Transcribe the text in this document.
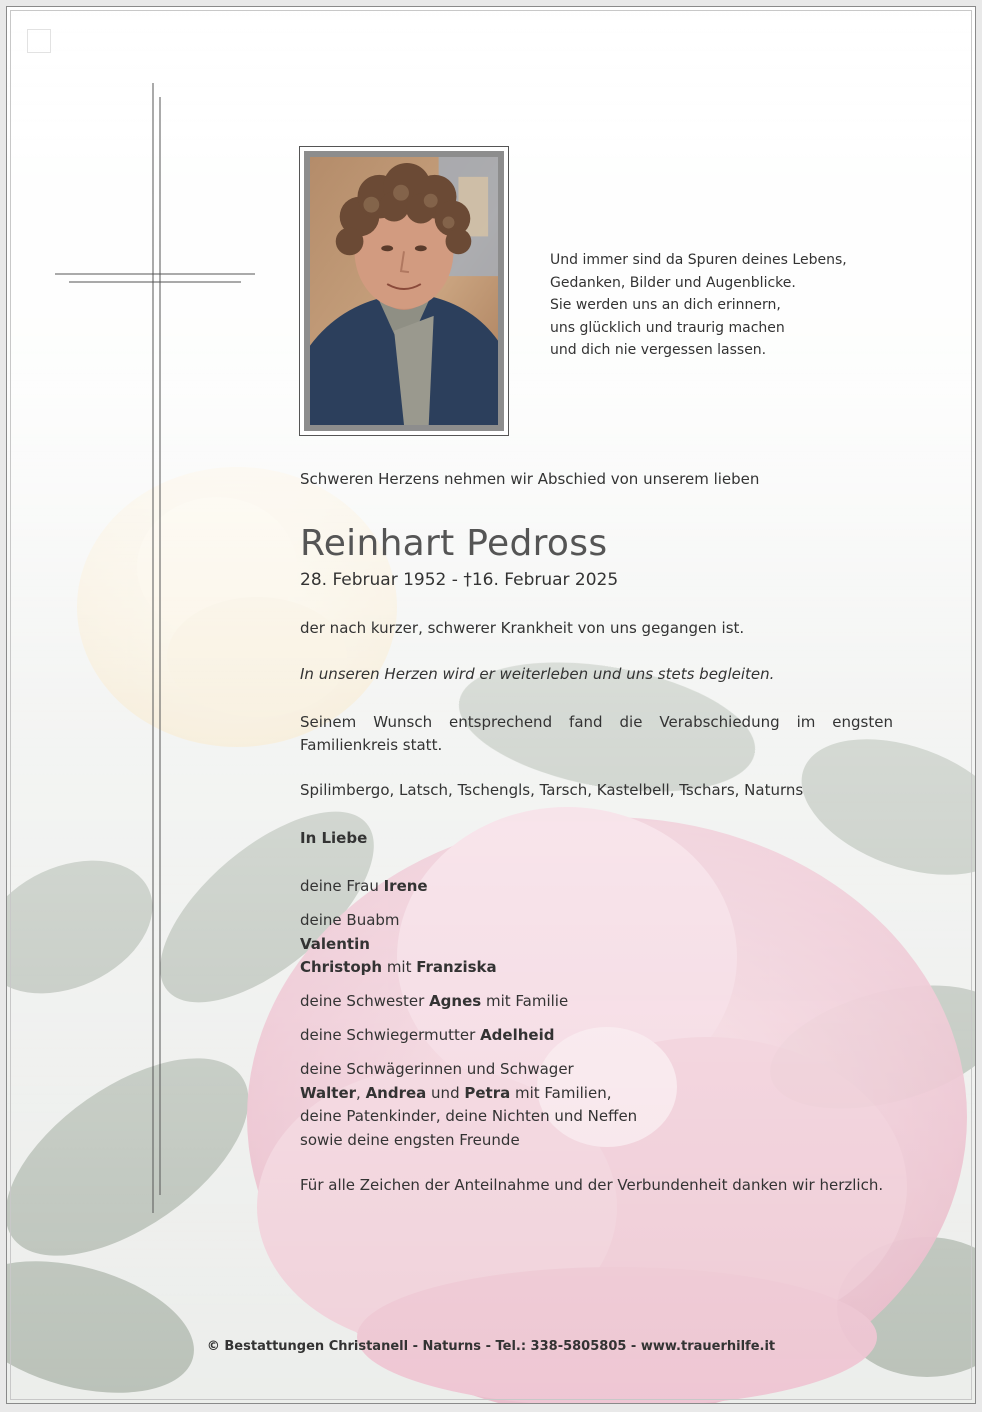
Und immer sind da Spuren deines Lebens,
Gedanken, Bilder und Augenblicke.
Sie werden uns an dich erinnern,
uns glücklich und traurig machen
und dich nie vergessen lassen.
Schweren Herzens nehmen wir Abschied von unserem lieben
Reinhart Pedross
28. Februar 1952 - †16. Februar 2025
der nach kurzer, schwerer Krankheit von uns gegangen ist.
In unseren Herzen wird er weiterleben und uns stets begleiten.
Seinem Wunsch entsprechend fand die Verabschiedung im engsten Familienkreis statt.
Spilimbergo, Latsch, Tschengls, Tarsch, Kastelbell, Tschars, Naturns
In Liebe
deine Frau Irene
deine Buabm
Valentin
Christoph mit Franziska
deine Schwester Agnes mit Familie
deine Schwiegermutter Adelheid
deine Schwägerinnen und Schwager
Walter, Andrea und Petra mit Familien,
deine Patenkinder, deine Nichten und Neffen
sowie deine engsten Freunde
Für alle Zeichen der Anteilnahme und der Verbundenheit danken wir herzlich.
© Bestattungen Christanell - Naturns - Tel.: 338-5805805 - www.trauerhilfe.it
